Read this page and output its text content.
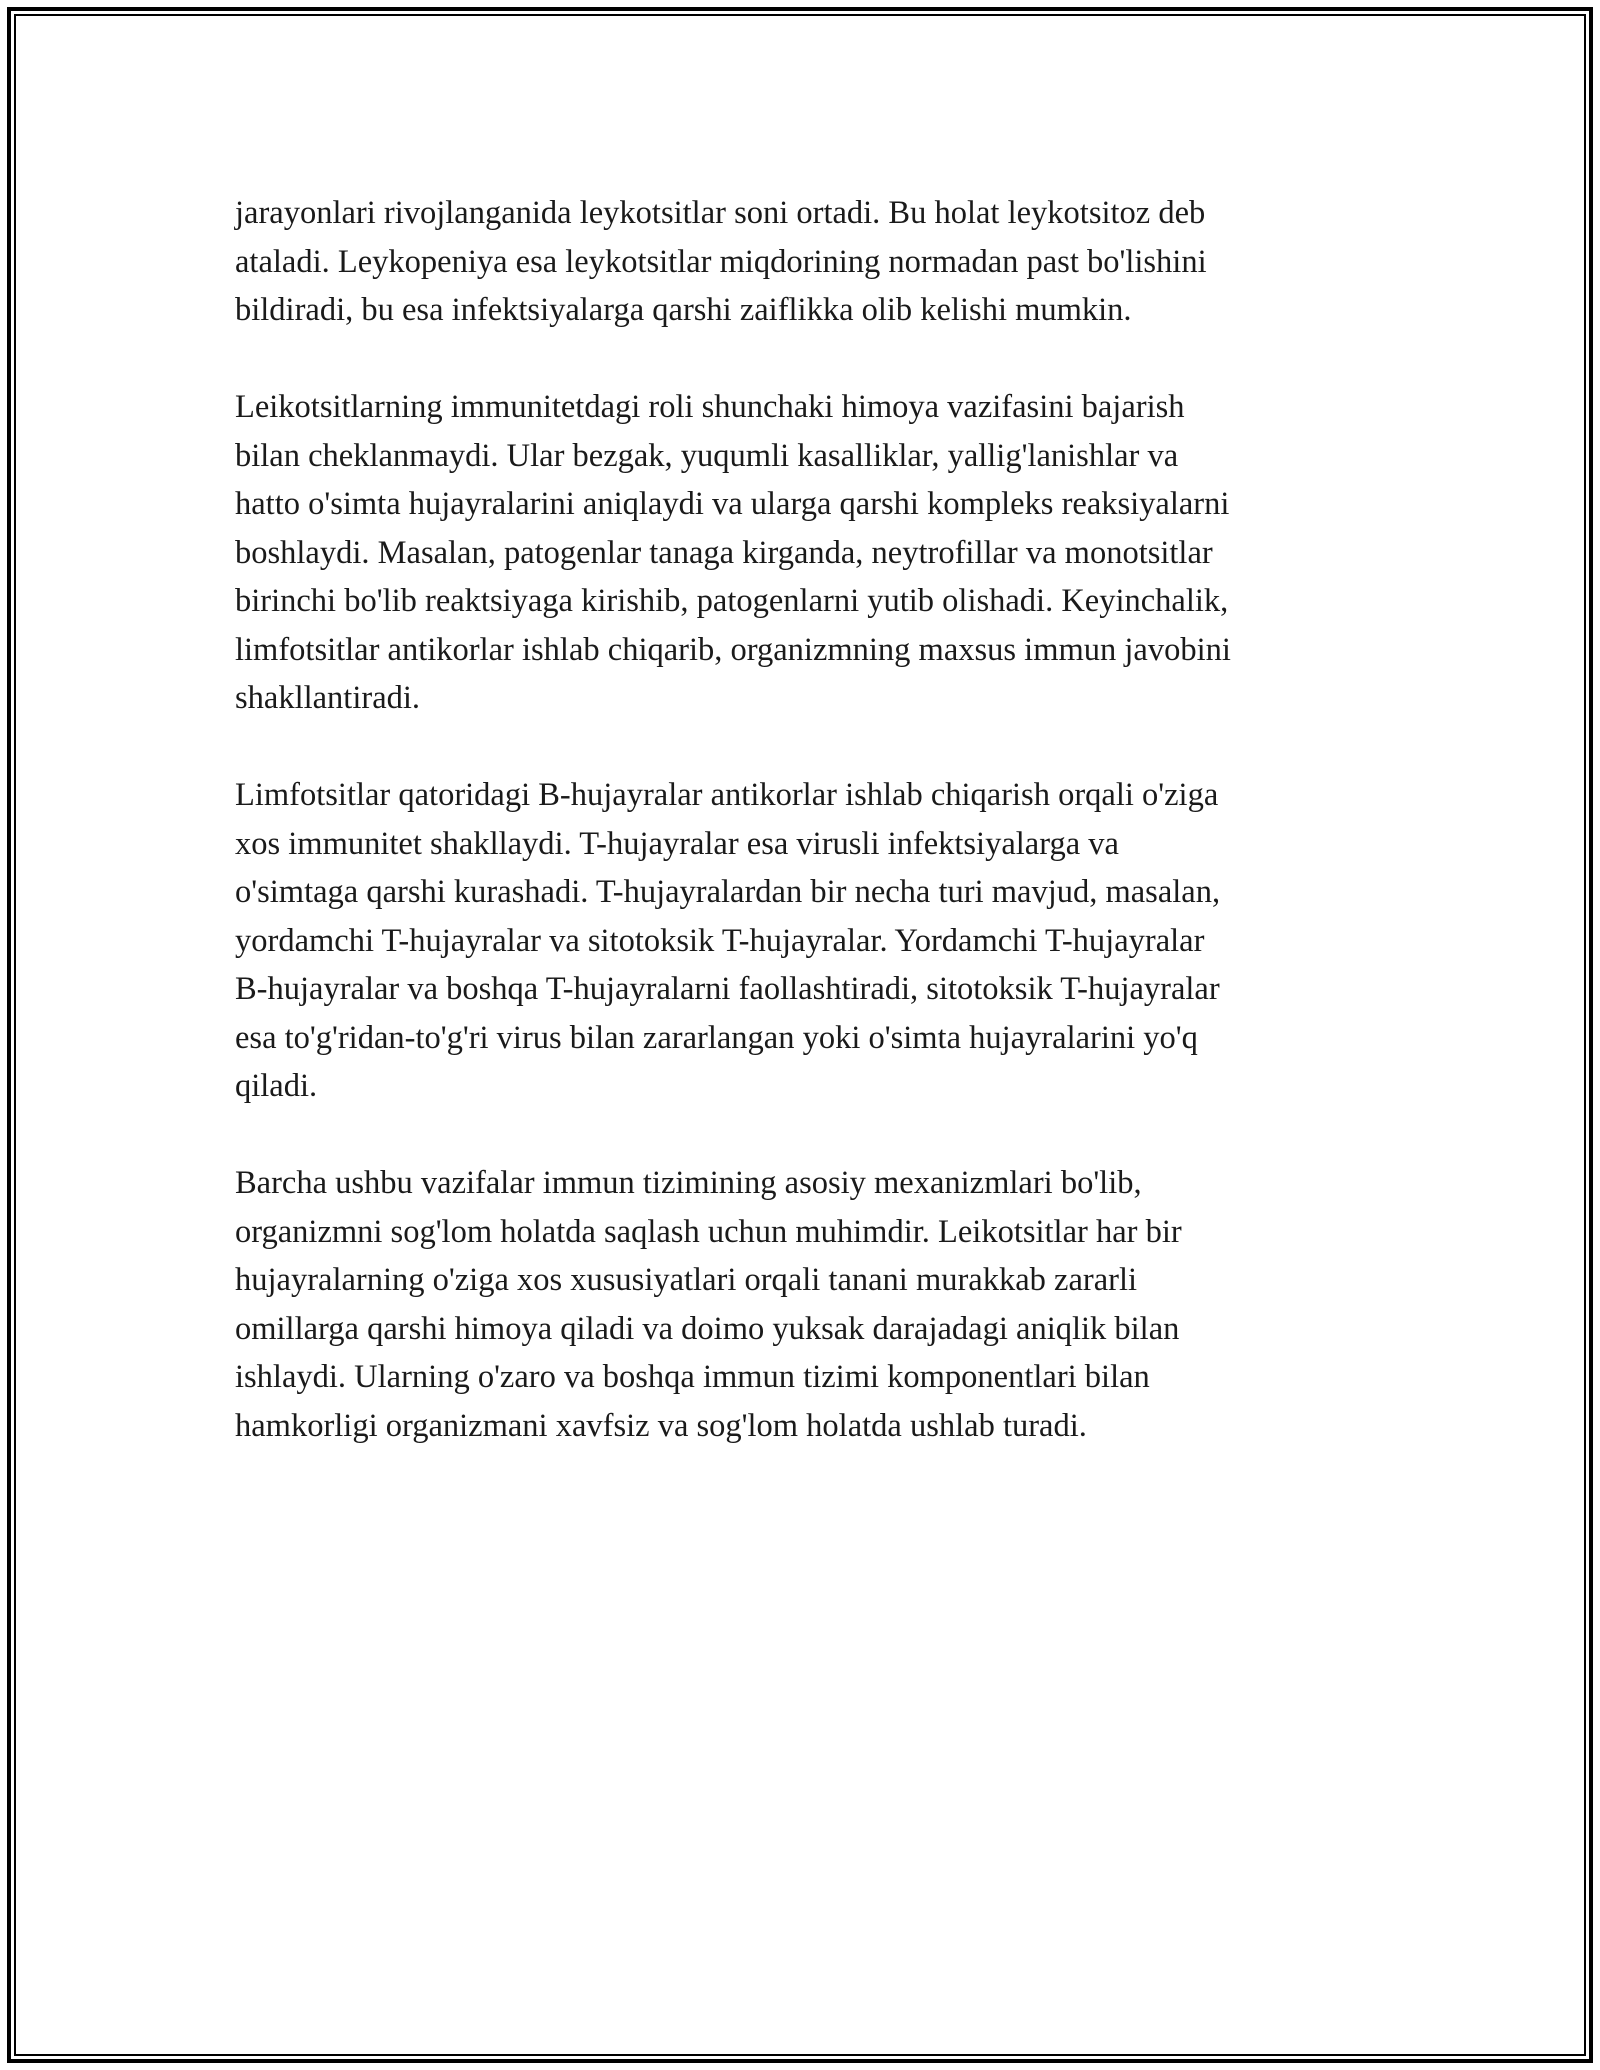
jarayonlari rivojlanganida leykotsitlar soni ortadi. Bu holat leykotsitoz deb
ataladi. Leykopeniya esa leykotsitlar miqdorining normadan past bo'lishini
bildiradi, bu esa infektsiyalarga qarshi zaiflikka olib kelishi mumkin.

Leikotsitlarning immunitetdagi roli shunchaki himoya vazifasini bajarish
bilan cheklanmaydi. Ular bezgak, yuqumli kasalliklar, yallig'lanishlar va
hatto o'simta hujayralarini aniqlaydi va ularga qarshi kompleks reaksiyalarni
boshlaydi. Masalan, patogenlar tanaga kirganda, neytrofillar va monotsitlar
birinchi bo'lib reaktsiyaga kirishib, patogenlarni yutib olishadi. Keyinchalik,
limfotsitlar antikorlar ishlab chiqarib, organizmning maxsus immun javobini
shakllantiradi.

Limfotsitlar qatoridagi B-hujayralar antikorlar ishlab chiqarish orqali o'ziga
xos immunitet shakllaydi. T-hujayralar esa virusli infektsiyalarga va
o'simtaga qarshi kurashadi. T-hujayralardan bir necha turi mavjud, masalan,
yordamchi T-hujayralar va sitotoksik T-hujayralar. Yordamchi T-hujayralar
B-hujayralar va boshqa T-hujayralarni faollashtiradi, sitotoksik T-hujayralar
esa to'g'ridan-to'g'ri virus bilan zararlangan yoki o'simta hujayralarini yo'q
qiladi.

Barcha ushbu vazifalar immun tizimining asosiy mexanizmlari bo'lib,
organizmni sog'lom holatda saqlash uchun muhimdir. Leikotsitlar har bir
hujayralarning o'ziga xos xususiyatlari orqali tanani murakkab zararli
omillarga qarshi himoya qiladi va doimo yuksak darajadagi aniqlik bilan
ishlaydi. Ularning o'zaro va boshqa immun tizimi komponentlari bilan
hamkorligi organizmani xavfsiz va sog'lom holatda ushlab turadi.
